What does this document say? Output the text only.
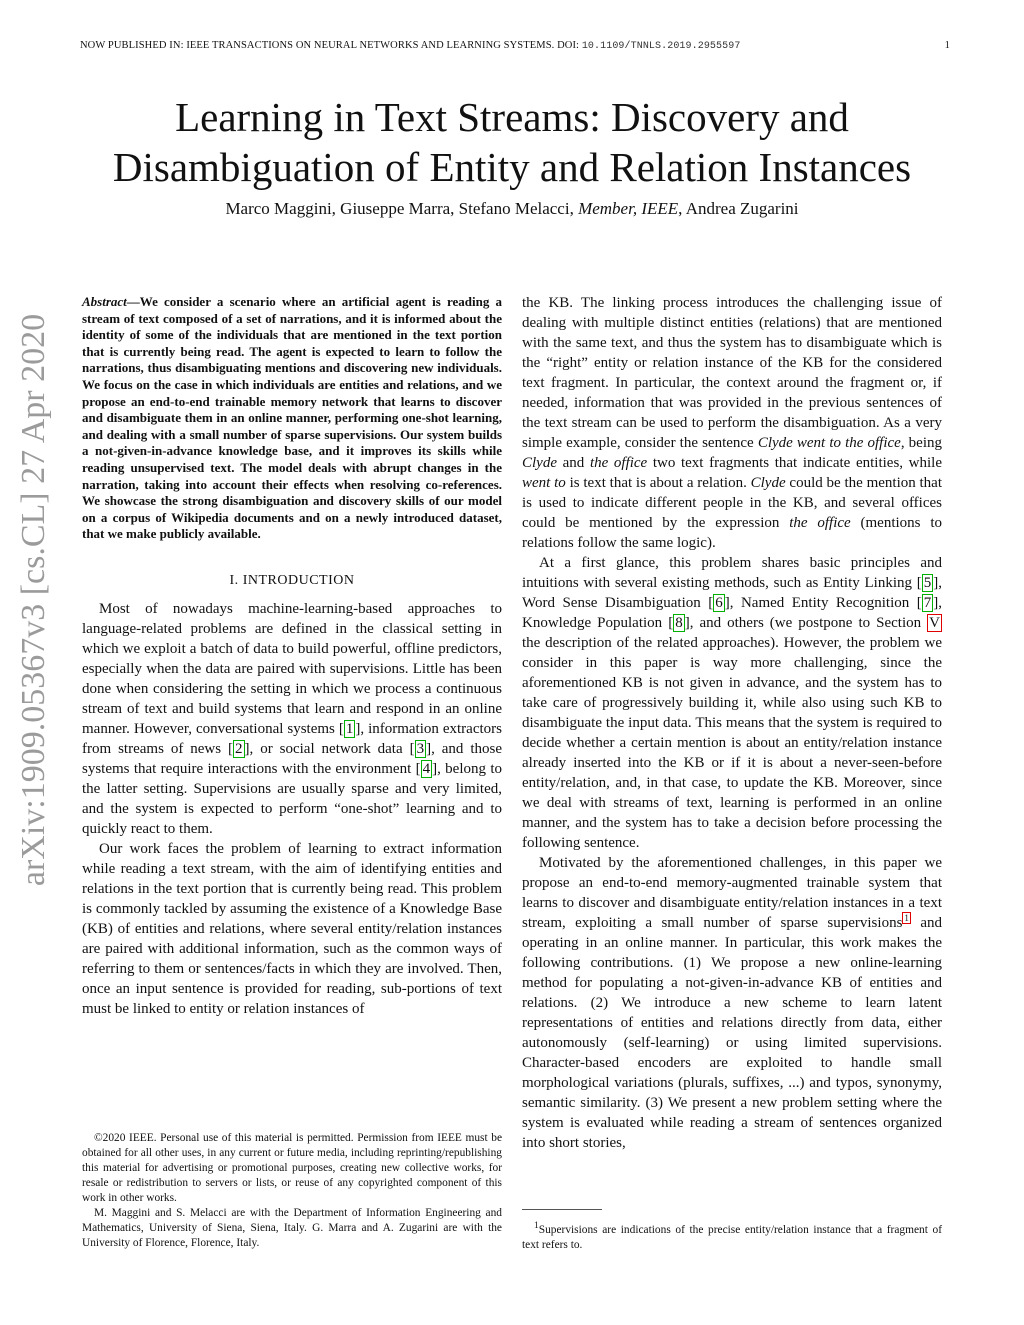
NOW PUBLISHED IN: IEEE TRANSACTIONS ON NEURAL NETWORKS AND LEARNING SYSTEMS. DOI: 10.1109/TNNLS.2019.2955597	1
arXiv:1909.05367v3 [cs.CL] 27 Apr 2020
Learning in Text Streams: Discovery and
Disambiguation of Entity and Relation Instances
Marco Maggini, Giuseppe Marra, Stefano Melacci, Member, IEEE, Andrea Zugarini

Abstract—We consider a scenario where an artificial agent is reading a stream of text composed of a set of narrations, and it is informed about the identity of some of the individuals that are mentioned in the text portion that is currently being read. The agent is expected to learn to follow the narrations, thus disambiguating mentions and discovering new individuals. We focus on the case in which individuals are entities and relations, and we propose an end-to-end trainable memory network that learns to discover and disambiguate them in an online manner, performing one-shot learning, and dealing with a small number of sparse supervisions. Our system builds a not-given-in-advance knowledge base, and it improves its skills while reading unsupervised text. The model deals with abrupt changes in the narration, taking into account their effects when resolving co-references. We showcase the strong disambiguation and discovery skills of our model on a corpus of Wikipedia documents and on a newly introduced dataset, that we make publicly available.

I. INTRODUCTION

Most of nowadays machine-learning-based approaches to language-related problems are defined in the classical setting in which we exploit a batch of data to build powerful, offline predictors, especially when the data are paired with supervisions. Little has been done when considering the setting in which we process a continuous stream of text and build systems that learn and respond in an online manner. However, conversational systems [ 1 ], information extractors from streams of news [ 2 ], or social network data [ 3 ], and those systems that require interactions with the environment [ 4 ], belong to the latter setting. Supervisions are usually sparse and very limited, and the system is expected to perform “one-shot” learning and to quickly react to them.

Our work faces the problem of learning to extract information while reading a text stream, with the aim of identifying entities and relations in the text portion that is currently being read. This problem is commonly tackled by assuming the existence of a Knowledge Base (KB) of entities and relations, where several entity/relation instances are paired with additional information, such as the common ways of referring to them or sentences/facts in which they are involved. Then, once an input sentence is provided for reading, sub-portions of text must be linked to entity or relation instances of

©2020 IEEE. Personal use of this material is permitted. Permission from IEEE must be obtained for all other uses, in any current or future media, including reprinting/republishing this material for advertising or promotional purposes, creating new collective works, for resale or redistribution to servers or lists, or reuse of any copyrighted component of this work in other works.

M. Maggini and S. Melacci are with the Department of Information Engineering and Mathematics, University of Siena, Siena, Italy. G. Marra and A. Zugarini are with the University of Florence, Florence, Italy.

the KB. The linking process introduces the challenging issue of dealing with multiple distinct entities (relations) that are mentioned with the same text, and thus the system has to disambiguate which is the “right” entity or relation instance of the KB for the considered text fragment. In particular, the context around the fragment or, if needed, information that was provided in the previous sentences of the text stream can be used to perform the disambiguation. As a very simple example, consider the sentence Clyde went to the office, being Clyde and the office two text fragments that indicate entities, while went to is text that is about a relation. Clyde could be the mention that is used to indicate different people in the KB, and several offices could be mentioned by the expression the office (mentions to relations follow the same logic).

At a first glance, this problem shares basic principles and intuitions with several existing methods, such as Entity Linking [ 5 ], Word Sense Disambiguation [ 6 ], Named Entity Recognition [ 7 ], Knowledge Population [ 8 ], and others (we postpone to Section V the description of the related approaches). However, the problem we consider in this paper is way more challenging, since the aforementioned KB is not given in advance, and the system has to take care of progressively building it, while also using such KB to disambiguate the input data. This means that the system is required to decide whether a certain mention is about an entity/relation instance already inserted into the KB or if it is about a never-seen-before entity/relation, and, in that case, to update the KB. Moreover, since we deal with streams of text, learning is performed in an online manner, and the system has to take a decision before processing the following sentence.

Motivated by the aforementioned challenges, in this paper we propose an end-to-end memory-augmented trainable system that learns to discover and disambiguate entity/relation instances in a text stream, exploiting a small number of sparse supervisions $^1$ and operating in an online manner. In particular, this work makes the following contributions. (1) We propose a new online-learning method for populating a not-given-in-advance KB of entities and relations. (2) We introduce a new scheme to learn latent representations of entities and relations directly from data, either autonomously (self-learning) or using limited supervisions. Character-based encoders are exploited to handle small morphological variations (plurals, suffixes, ...) and typos, synonymy, semantic similarity. (3) We present a new problem setting where the system is evaluated while reading a stream of sentences organized into short stories,

$^1$Supervisions are indications of the precise entity/relation instance that a fragment of text refers to.
